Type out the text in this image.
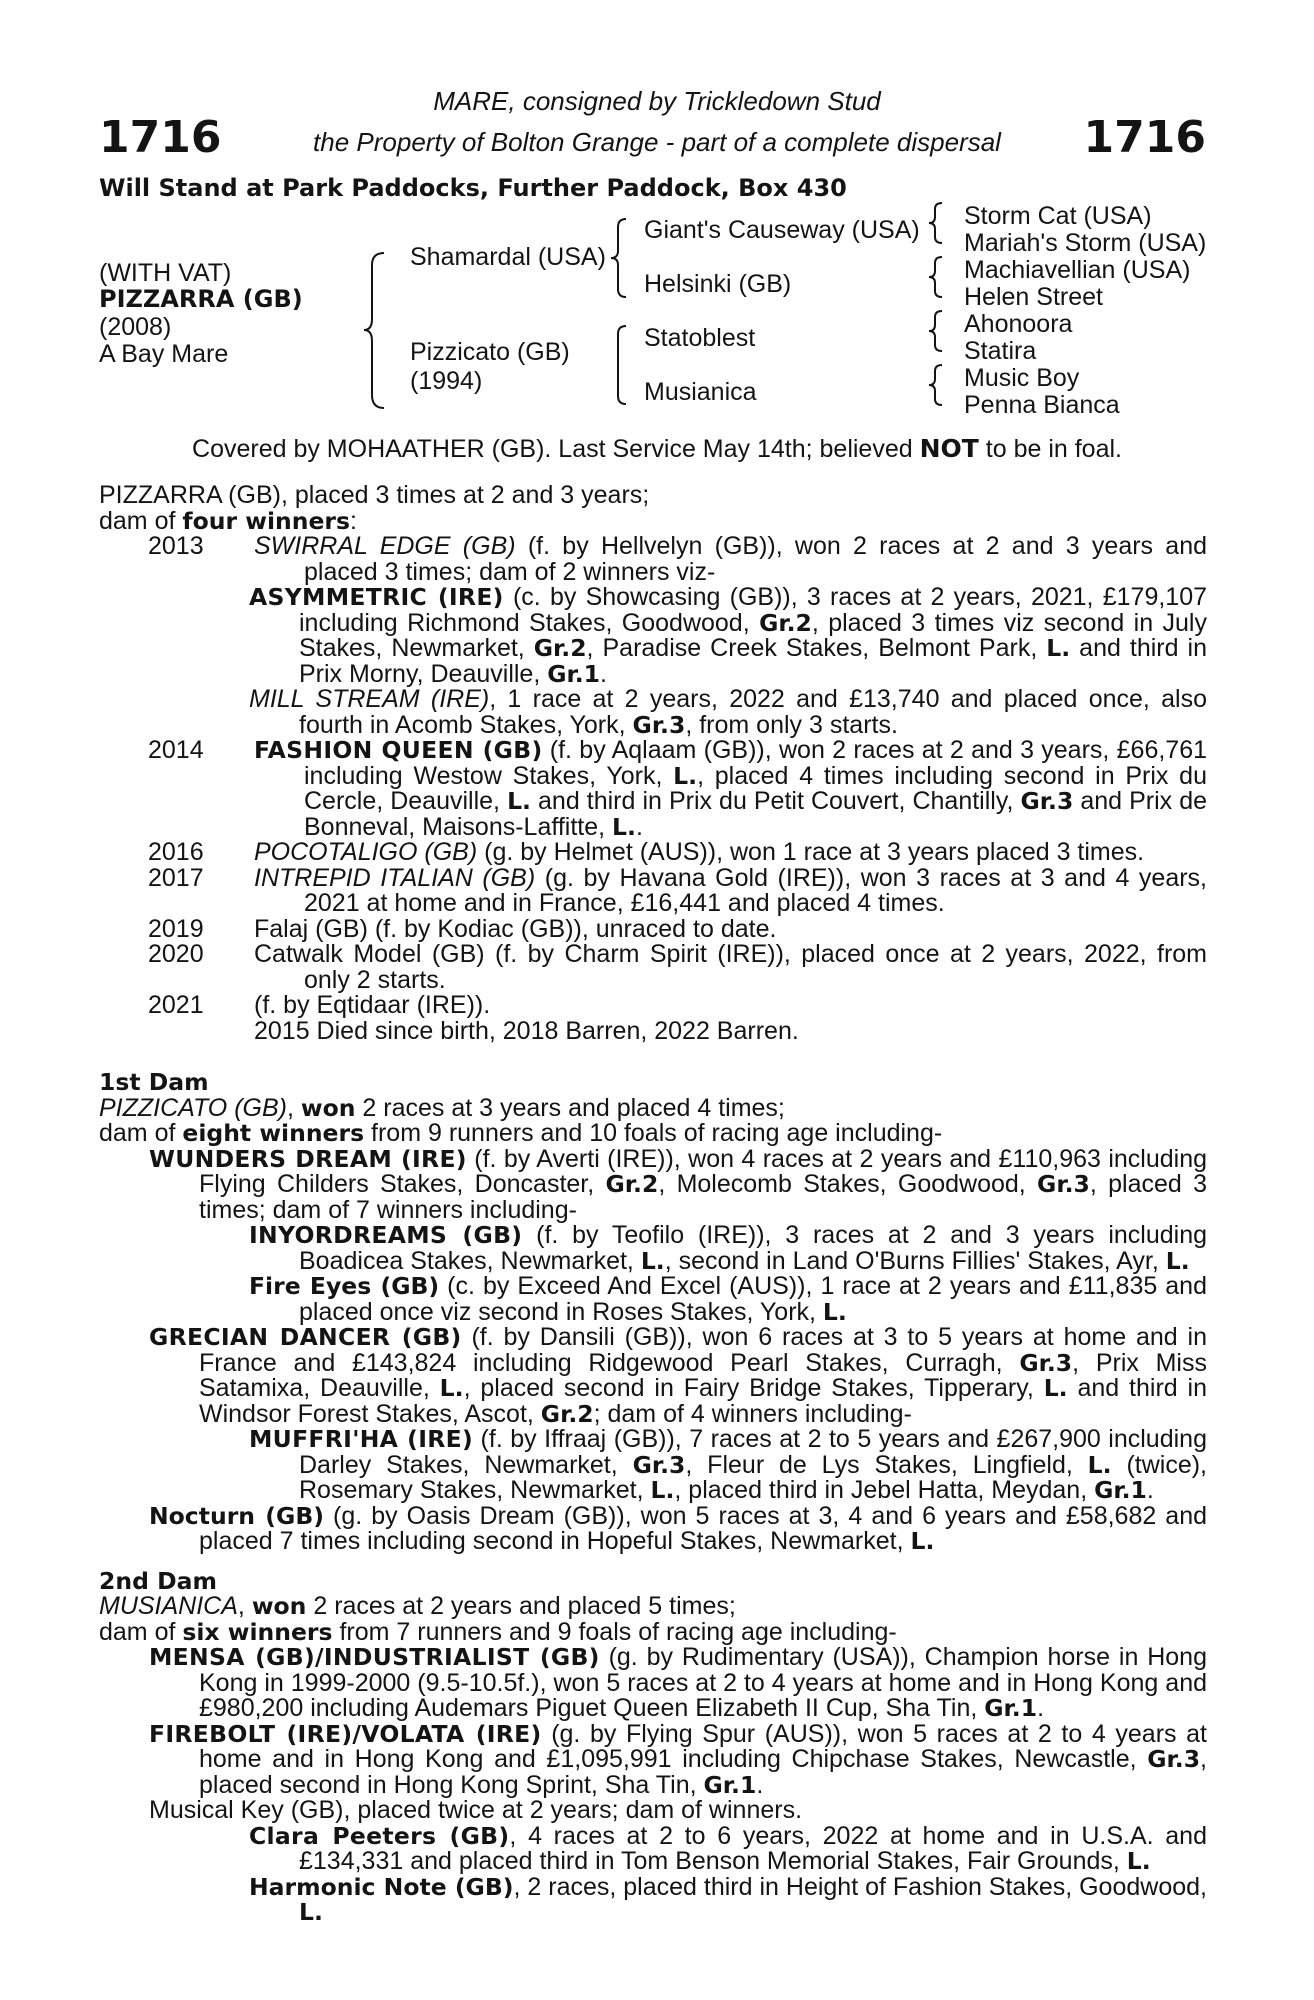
1716	1716
MARE, consigned by Trickledown Stud
the Property of Bolton Grange - part of a complete dispersal
Will Stand at Park Paddocks, Further Paddock, Box 430
(WITH VAT)
PIZZARRA (GB)
(2008)
A Bay Mare
Shamardal (USA)
Pizzicato (GB)
(1994)
Giant's Causeway (USA)
Helsinki (GB)
Statoblest
Musianica
Storm Cat (USA)
Mariah's Storm (USA)
Machiavellian (USA)
Helen Street
Ahonoora
Statira
Music Boy
Penna Bianca
Covered by MOHAATHER (GB). Last Service May 14th; believed NOT to be in foal.
PIZZARRA (GB), placed 3 times at 2 and 3 years;
dam of four winners:
2013 SWIRRAL EDGE (GB) (f. by Hellvelyn (GB)), won 2 races at 2 and 3 years and placed 3 times; dam of 2 winners viz-
ASYMMETRIC (IRE) (c. by Showcasing (GB)), 3 races at 2 years, 2021, £179,107 including Richmond Stakes, Goodwood, Gr.2, placed 3 times viz second in July Stakes, Newmarket, Gr.2, Paradise Creek Stakes, Belmont Park, L. and third in Prix Morny, Deauville, Gr.1.
MILL STREAM (IRE), 1 race at 2 years, 2022 and £13,740 and placed once, also fourth in Acomb Stakes, York, Gr.3, from only 3 starts.
2014 FASHION QUEEN (GB) (f. by Aqlaam (GB)), won 2 races at 2 and 3 years, £66,761 including Westow Stakes, York, L., placed 4 times including second in Prix du Cercle, Deauville, L. and third in Prix du Petit Couvert, Chantilly, Gr.3 and Prix de Bonneval, Maisons-Laffitte, L..
2016 POCOTALIGO (GB) (g. by Helmet (AUS)), won 1 race at 3 years placed 3 times.
2017 INTREPID ITALIAN (GB) (g. by Havana Gold (IRE)), won 3 races at 3 and 4 years, 2021 at home and in France, £16,441 and placed 4 times.
2019 Falaj (GB) (f. by Kodiac (GB)), unraced to date.
2020 Catwalk Model (GB) (f. by Charm Spirit (IRE)), placed once at 2 years, 2022, from only 2 starts.
2021 (f. by Eqtidaar (IRE)).
2015 Died since birth, 2018 Barren, 2022 Barren.
1st Dam
PIZZICATO (GB), won 2 races at 3 years and placed 4 times;
dam of eight winners from 9 runners and 10 foals of racing age including-
WUNDERS DREAM (IRE) (f. by Averti (IRE)), won 4 races at 2 years and £110,963 including Flying Childers Stakes, Doncaster, Gr.2, Molecomb Stakes, Goodwood, Gr.3, placed 3 times; dam of 7 winners including-
INYORDREAMS (GB) (f. by Teofilo (IRE)), 3 races at 2 and 3 years including Boadicea Stakes, Newmarket, L., second in Land O'Burns Fillies' Stakes, Ayr, L.
Fire Eyes (GB) (c. by Exceed And Excel (AUS)), 1 race at 2 years and £11,835 and placed once viz second in Roses Stakes, York, L.
GRECIAN DANCER (GB) (f. by Dansili (GB)), won 6 races at 3 to 5 years at home and in France and £143,824 including Ridgewood Pearl Stakes, Curragh, Gr.3, Prix Miss Satamixa, Deauville, L., placed second in Fairy Bridge Stakes, Tipperary, L. and third in Windsor Forest Stakes, Ascot, Gr.2; dam of 4 winners including-
MUFFRI'HA (IRE) (f. by Iffraaj (GB)), 7 races at 2 to 5 years and £267,900 including Darley Stakes, Newmarket, Gr.3, Fleur de Lys Stakes, Lingfield, L. (twice), Rosemary Stakes, Newmarket, L., placed third in Jebel Hatta, Meydan, Gr.1.
Nocturn (GB) (g. by Oasis Dream (GB)), won 5 races at 3, 4 and 6 years and £58,682 and placed 7 times including second in Hopeful Stakes, Newmarket, L.
2nd Dam
MUSIANICA, won 2 races at 2 years and placed 5 times;
dam of six winners from 7 runners and 9 foals of racing age including-
MENSA (GB)/INDUSTRIALIST (GB) (g. by Rudimentary (USA)), Champion horse in Hong Kong in 1999-2000 (9.5-10.5f.), won 5 races at 2 to 4 years at home and in Hong Kong and £980,200 including Audemars Piguet Queen Elizabeth II Cup, Sha Tin, Gr.1.
FIREBOLT (IRE)/VOLATA (IRE) (g. by Flying Spur (AUS)), won 5 races at 2 to 4 years at home and in Hong Kong and £1,095,991 including Chipchase Stakes, Newcastle, Gr.3, placed second in Hong Kong Sprint, Sha Tin, Gr.1.
Musical Key (GB), placed twice at 2 years; dam of winners.
Clara Peeters (GB), 4 races at 2 to 6 years, 2022 at home and in U.S.A. and £134,331 and placed third in Tom Benson Memorial Stakes, Fair Grounds, L.
Harmonic Note (GB), 2 races, placed third in Height of Fashion Stakes, Goodwood, L.
